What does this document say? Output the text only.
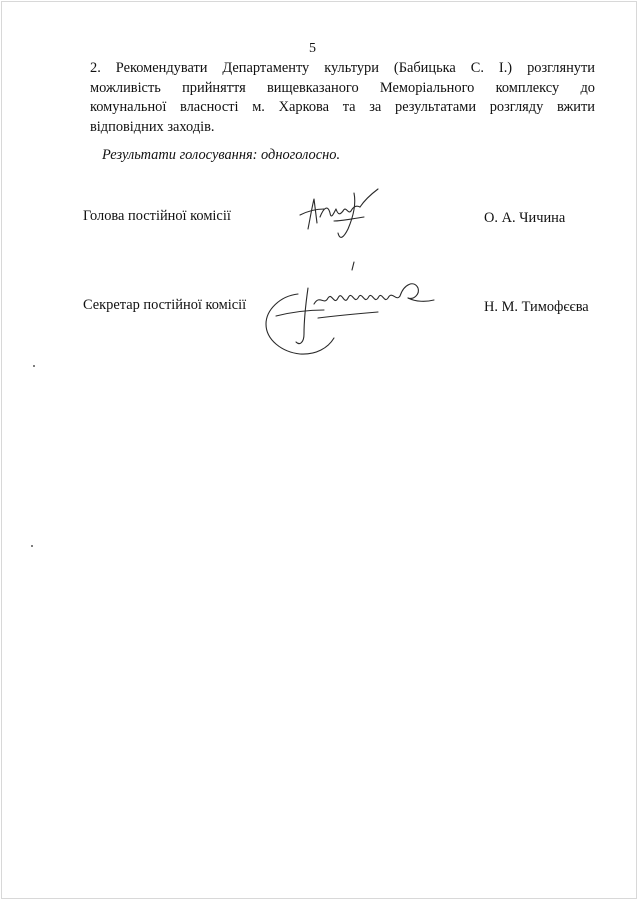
5
2. Рекомендувати Департаменту культури (Бабицька С. І.) розглянути
можливість прийняття вищевказаного Меморіального комплексу до
комунальної власності м. Харкова та за результатами розгляду вжити
відповідних заходів.
Результати голосування: одноголосно.
Голова постійної комісії	О. А. Чичина
Секретар постійної комісії	Н. М. Тимофєєва
